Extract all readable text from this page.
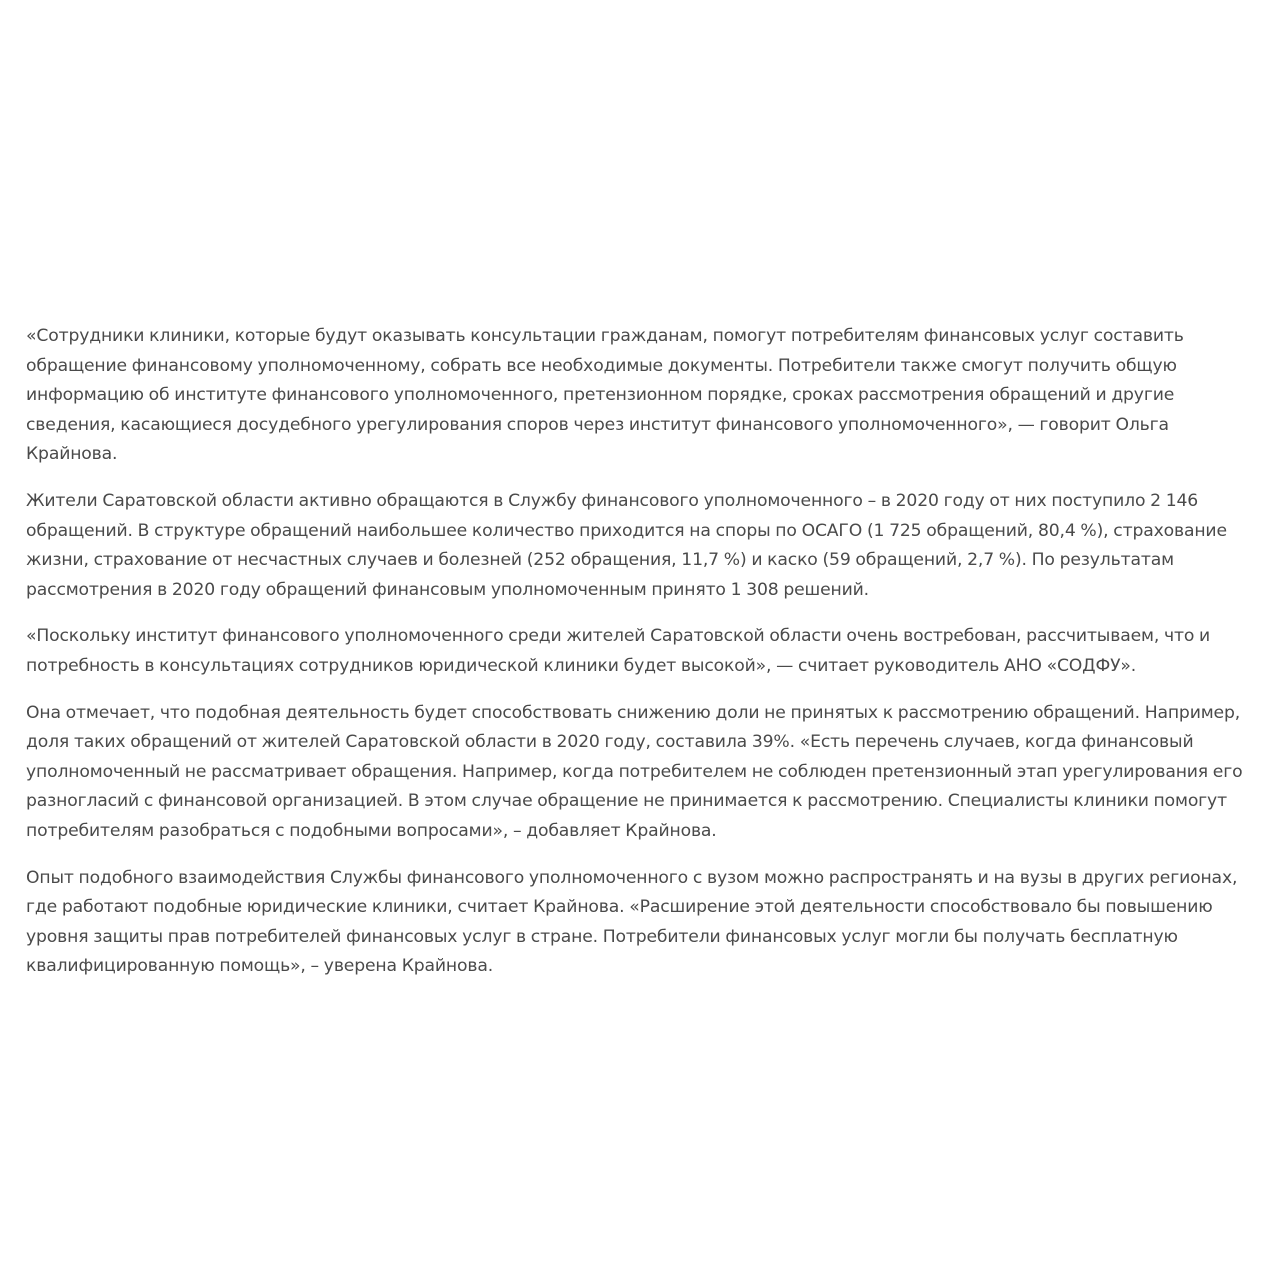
«Сотрудники клиники, которые будут оказывать консультации гражданам, помогут потребителям финансовых услуг составить обращение финансовому уполномоченному, собрать все необходимые документы. Потребители также смогут получить общую информацию об институте финансового уполномоченного, претензионном порядке, сроках рассмотрения обращений и другие сведения, касающиеся досудебного урегулирования споров через институт финансового уполномоченного», — говорит Ольга Крайнова.

Жители Саратовской области активно обращаются в Службу финансового уполномоченного – в 2020 году от них поступило 2 146 обращений. В структуре обращений наибольшее количество приходится на споры по ОСАГО (1 725 обращений, 80,4 %), страхование жизни, страхование от несчастных случаев и болезней (252 обращения, 11,7 %) и каско (59 обращений, 2,7 %). По результатам рассмотрения в 2020 году обращений финансовым уполномоченным принято 1 308 решений.

«Поскольку институт финансового уполномоченного среди жителей Саратовской области очень востребован, рассчитываем, что и потребность в консультациях сотрудников юридической клиники будет высокой», — считает руководитель АНО «СОДФУ».

Она отмечает, что подобная деятельность будет способствовать снижению доли не принятых к рассмотрению обращений. Например, доля таких обращений от жителей Саратовской области в 2020 году, составила 39%. «Есть перечень случаев, когда финансовый уполномоченный не рассматривает обращения. Например, когда потребителем не соблюден претензионный этап урегулирования его разногласий с финансовой организацией. В этом случае обращение не принимается к рассмотрению. Специалисты клиники помогут потребителям разобраться с подобными вопросами», – добавляет Крайнова.

Опыт подобного взаимодействия Службы финансового уполномоченного с вузом можно распространять и на вузы в других регионах, где работают подобные юридические клиники, считает Крайнова. «Расширение этой деятельности способствовало бы повышению уровня защиты прав потребителей финансовых услуг в стране. Потребители финансовых услуг могли бы получать бесплатную квалифицированную помощь», – уверена Крайнова.
